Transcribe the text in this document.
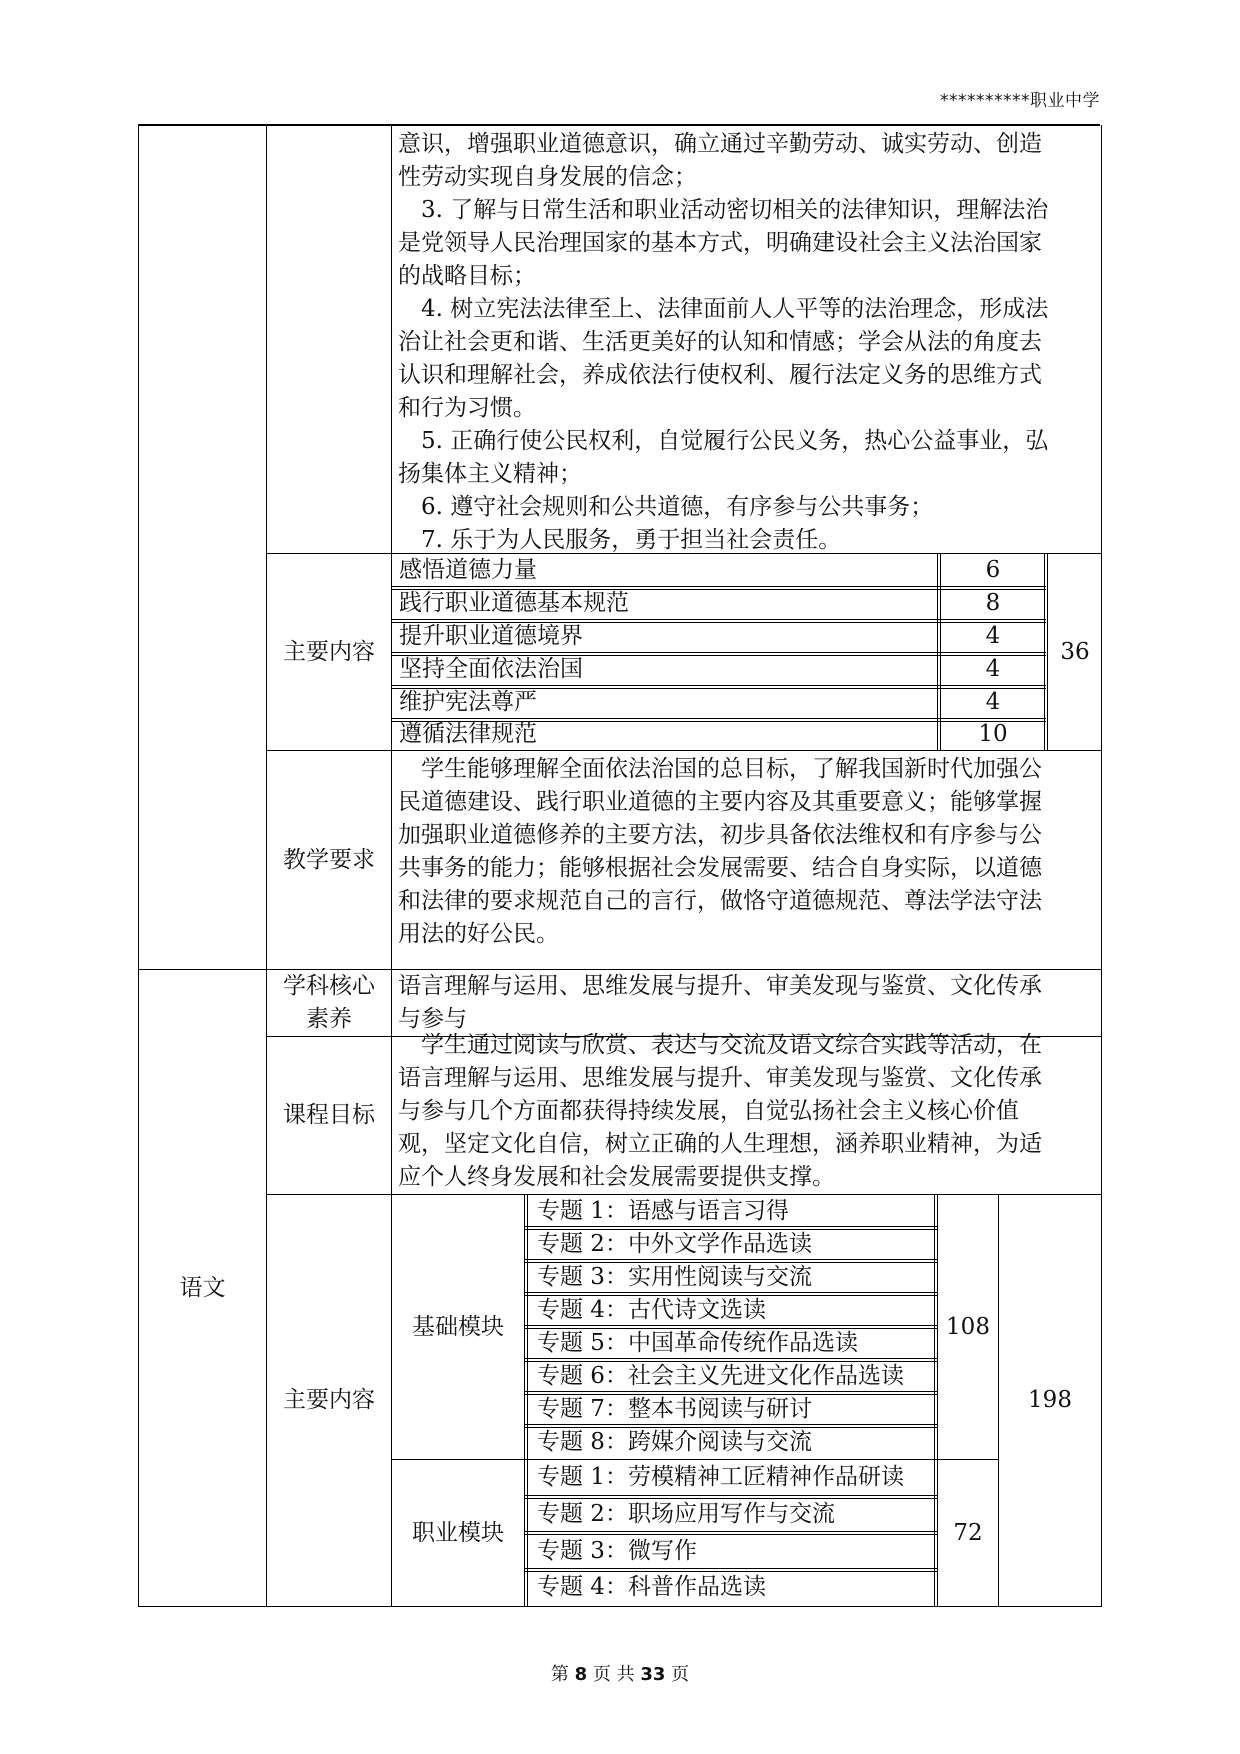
**********职业中学
意识，增强职业道德意识，确立通过辛勤劳动、诚实劳动、创造
性劳动实现自身发展的信念；
　3. 了解与日常生活和职业活动密切相关的法律知识，理解法治
是党领导人民治理国家的基本方式，明确建设社会主义法治国家
的战略目标；
　4. 树立宪法法律至上、法律面前人人平等的法治理念，形成法
治让社会更和谐、生活更美好的认知和情感；学会从法的角度去
认识和理解社会，养成依法行使权利、履行法定义务的思维方式
和行为习惯。
　5. 正确行使公民权利，自觉履行公民义务，热心公益事业，弘
扬集体主义精神；
　6. 遵守社会规则和公共道德，有序参与公共事务；
　7. 乐于为人民服务，勇于担当社会责任。
主要内容
感悟道德力量
践行职业道德基本规范
提升职业道德境界
坚持全面依法治国
维护宪法尊严
遵循法律规范
6
8
4
4
4
10
36
教学要求
　学生能够理解全面依法治国的总目标，了解我国新时代加强公
民道德建设、践行职业道德的主要内容及其重要意义；能够掌握
加强职业道德修养的主要方法，初步具备依法维权和有序参与公
共事务的能力；能够根据社会发展需要、结合自身实际，以道德
和法律的要求规范自己的言行，做恪守道德规范、尊法学法守法
用法的好公民。
语文
学科核心
素养
语言理解与运用、思维发展与提升、审美发现与鉴赏、文化传承
与参与
课程目标
　学生通过阅读与欣赏、表达与交流及语文综合实践等活动，在
语言理解与运用、思维发展与提升、审美发现与鉴赏、文化传承
与参与几个方面都获得持续发展，自觉弘扬社会主义核心价值
观，坚定文化自信，树立正确的人生理想，涵养职业精神，为适
应个人终身发展和社会发展需要提供支撑。
主要内容
基础模块	108
专题 1：语感与语言习得
专题 2：中外文学作品选读
专题 3：实用性阅读与交流
专题 4：古代诗文选读
专题 5：中国革命传统作品选读
专题 6：社会主义先进文化作品选读
专题 7：整本书阅读与研讨
专题 8：跨媒介阅读与交流
职业模块	72
专题 1：劳模精神工匠精神作品研读
专题 2：职场应用写作与交流
专题 3：微写作
专题 4：科普作品选读
198
第 8 页 共 33 页
